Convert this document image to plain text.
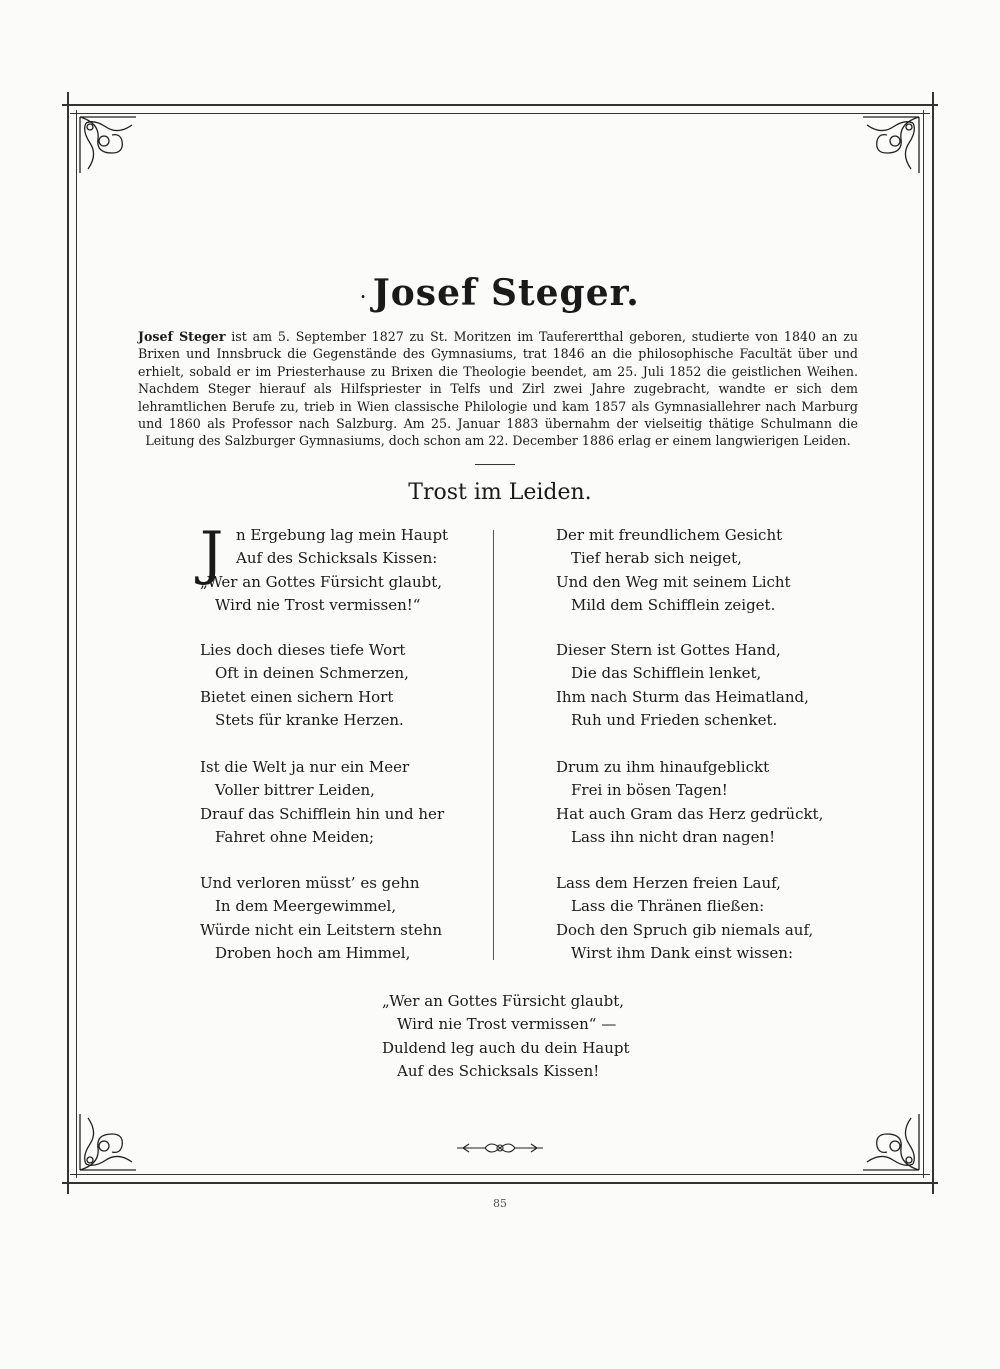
· Josef Steger.
Josef Steger ist am 5. September 1827 zu St. Moritzen im Tauferertthal geboren, studierte von 1840 an zu Brixen und Innsbruck die Gegenstände des Gymnasiums, trat 1846 an die philosophische Facultät über und erhielt, sobald er im Priesterhause zu Brixen die Theologie beendet, am 25. Juli 1852 die geistlichen Weihen. Nachdem Steger hierauf als Hilfspriester in Telfs und Zirl zwei Jahre zugebracht, wandte er sich dem lehramtlichen Berufe zu, trieb in Wien classische Philologie und kam 1857 als Gymnasiallehrer nach Marburg und 1860 als Professor nach Salzburg. Am 25. Januar 1883 übernahm der vielseitig thätige Schulmann die Leitung des Salzburger Gymnasiums, doch schon am 22. December 1886 erlag er einem langwierigen Leiden.
Trost im Leiden.
J n Ergebung lag mein Haupt
Auf des Schicksals Kissen:
„Wer an Gottes Fürsicht glaubt,
Wird nie Trost vermissen!“
Lies doch dieses tiefe Wort
Oft in deinen Schmerzen,
Bietet einen sichern Hort
Stets für kranke Herzen.
Ist die Welt ja nur ein Meer
Voller bittrer Leiden,
Drauf das Schifflein hin und her
Fahret ohne Meiden;
Und verloren müsst’ es gehn
In dem Meergewimmel,
Würde nicht ein Leitstern stehn
Droben hoch am Himmel,
Der mit freundlichem Gesicht
Tief herab sich neiget,
Und den Weg mit seinem Licht
Mild dem Schifflein zeiget.
Dieser Stern ist Gottes Hand,
Die das Schifflein lenket,
Ihm nach Sturm das Heimatland,
Ruh und Frieden schenket.
Drum zu ihm hinaufgeblickt
Frei in bösen Tagen!
Hat auch Gram das Herz gedrückt,
Lass ihn nicht dran nagen!
Lass dem Herzen freien Lauf,
Lass die Thränen fließen:
Doch den Spruch gib niemals auf,
Wirst ihm Dank einst wissen:
„Wer an Gottes Fürsicht glaubt,
Wird nie Trost vermissen“ —
Duldend leg auch du dein Haupt
Auf des Schicksals Kissen!
85
